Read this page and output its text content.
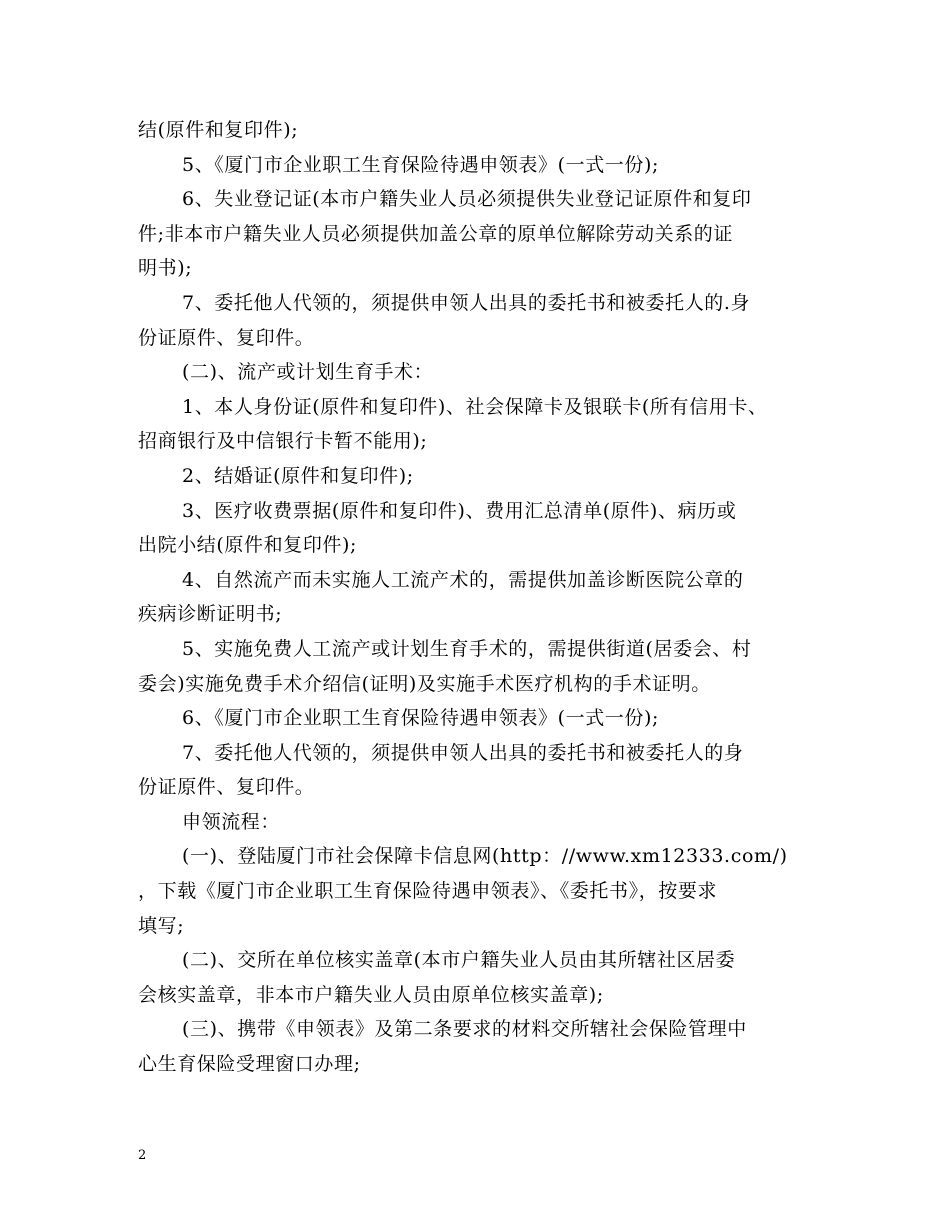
结(原件和复印件);
5、《厦门市企业职工生育保险待遇申领表》(一式一份);
6、失业登记证(本市户籍失业人员必须提供失业登记证原件和复印
件;非本市户籍失业人员必须提供加盖公章的原单位解除劳动关系的证
明书);
7、委托他人代领的，须提供申领人出具的委托书和被委托人的.身
份证原件、复印件。
(二)、流产或计划生育手术：
1、本人身份证(原件和复印件)、社会保障卡及银联卡(所有信用卡、
招商银行及中信银行卡暂不能用);
2、结婚证(原件和复印件);
3、医疗收费票据(原件和复印件)、费用汇总清单(原件)、病历或
出院小结(原件和复印件);
4、自然流产而未实施人工流产术的，需提供加盖诊断医院公章的
疾病诊断证明书;
5、实施免费人工流产或计划生育手术的，需提供街道(居委会、村
委会)实施免费手术介绍信(证明)及实施手术医疗机构的手术证明。
6、《厦门市企业职工生育保险待遇申领表》(一式一份);
7、委托他人代领的，须提供申领人出具的委托书和被委托人的身
份证原件、复印件。
申领流程：
(一)、登陆厦门市社会保障卡信息网(http：//www.xm12333.com/)
，下载《厦门市企业职工生育保险待遇申领表》、《委托书》，按要求
填写;
(二)、交所在单位核实盖章(本市户籍失业人员由其所辖社区居委
会核实盖章，非本市户籍失业人员由原单位核实盖章);
(三)、携带《申领表》及第二条要求的材料交所辖社会保险管理中
心生育保险受理窗口办理;
2
